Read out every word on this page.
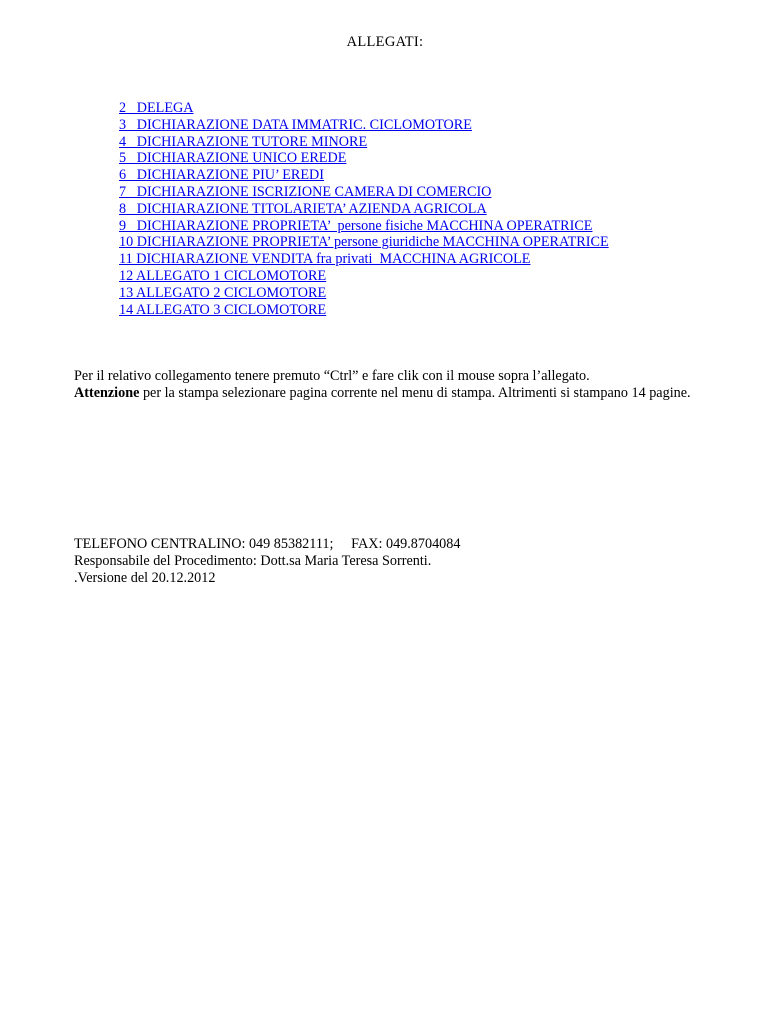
ALLEGATI:
2   DELEGA
3   DICHIARAZIONE DATA IMMATRIC. CICLOMOTORE
4   DICHIARAZIONE TUTORE MINORE
5   DICHIARAZIONE UNICO EREDE
6   DICHIARAZIONE PIU’ EREDI
7   DICHIARAZIONE ISCRIZIONE CAMERA DI COMERCIO
8   DICHIARAZIONE TITOLARIETA’ AZIENDA AGRICOLA
9   DICHIARAZIONE PROPRIETA’  persone fisiche MACCHINA OPERATRICE
10 DICHIARAZIONE PROPRIETA’ persone giuridiche MACCHINA OPERATRICE
11 DICHIARAZIONE VENDITA fra privati  MACCHINA AGRICOLE
12 ALLEGATO 1 CICLOMOTORE
13 ALLEGATO 2 CICLOMOTORE
14 ALLEGATO 3 CICLOMOTORE

Per il relativo collegamento tenere premuto “Ctrl” e fare clik con il mouse sopra l’allegato.

Attenzione per la stampa selezionare pagina corrente nel menu di stampa. Altrimenti si stampano 14 pagine.

TELEFONO CENTRALINO: 049 85382111;     FAX: 049.8704084

Responsabile del Procedimento: Dott.sa Maria Teresa Sorrenti.

.Versione del 20.12.2012
